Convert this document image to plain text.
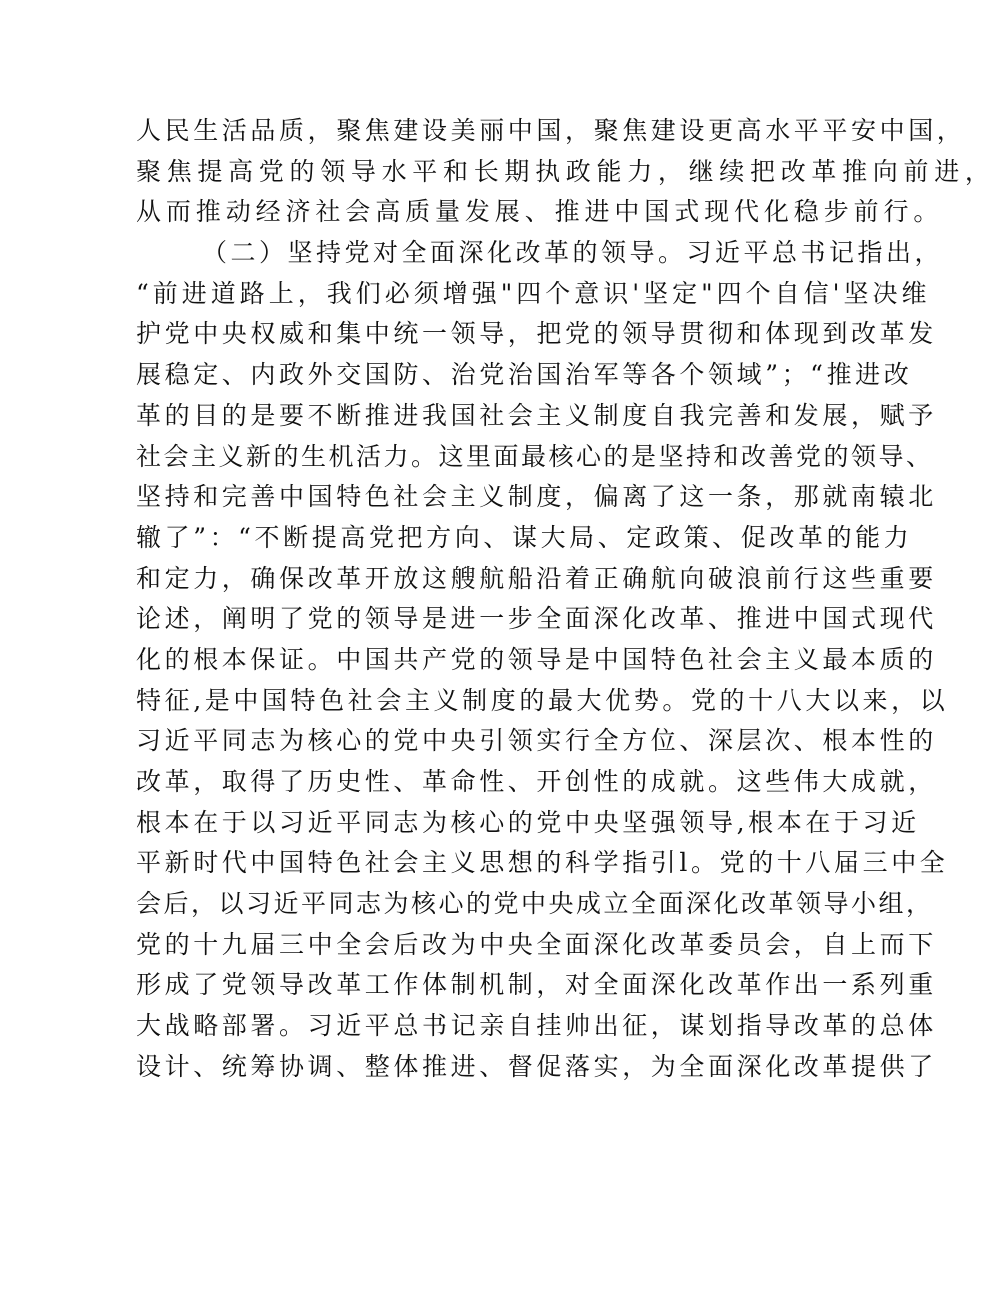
人民生活品质，聚焦建设美丽中国，聚焦建设更高水平平安中国，
聚焦提高党的领导水平和长期执政能力，继续把改革推向前进，
从而推动经济社会高质量发展、推进中国式现代化稳步前行。
（二）坚持党对全面深化改革的领导。习近平总书记指出，
“前进道路上，我们必须增强"四个意识'坚定"四个自信'坚决维
护党中央权威和集中统一领导，把党的领导贯彻和体现到改革发
展稳定、内政外交国防、治党治国治军等各个领域”；“推进改
革的目的是要不断推进我国社会主义制度自我完善和发展，赋予
社会主义新的生机活力。这里面最核心的是坚持和改善党的领导、
坚持和完善中国特色社会主义制度，偏离了这一条，那就南辕北
辙了”：“不断提高党把方向、谋大局、定政策、促改革的能力
和定力，确保改革开放这艘航船沿着正确航向破浪前行这些重要
论述，阐明了党的领导是进一步全面深化改革、推进中国式现代
化的根本保证。中国共产党的领导是中国特色社会主义最本质的
特征,是中国特色社会主义制度的最大优势。党的十八大以来，以
习近平同志为核心的党中央引领实行全方位、深层次、根本性的
改革，取得了历史性、革命性、开创性的成就。这些伟大成就，
根本在于以习近平同志为核心的党中央坚强领导,根本在于习近
平新时代中国特色社会主义思想的科学指引l。党的十八届三中全
会后，以习近平同志为核心的党中央成立全面深化改革领导小组，
党的十九届三中全会后改为中央全面深化改革委员会，自上而下
形成了党领导改革工作体制机制，对全面深化改革作出一系列重
大战略部署。习近平总书记亲自挂帅出征，谋划指导改革的总体
设计、统筹协调、整体推进、督促落实，为全面深化改革提供了
